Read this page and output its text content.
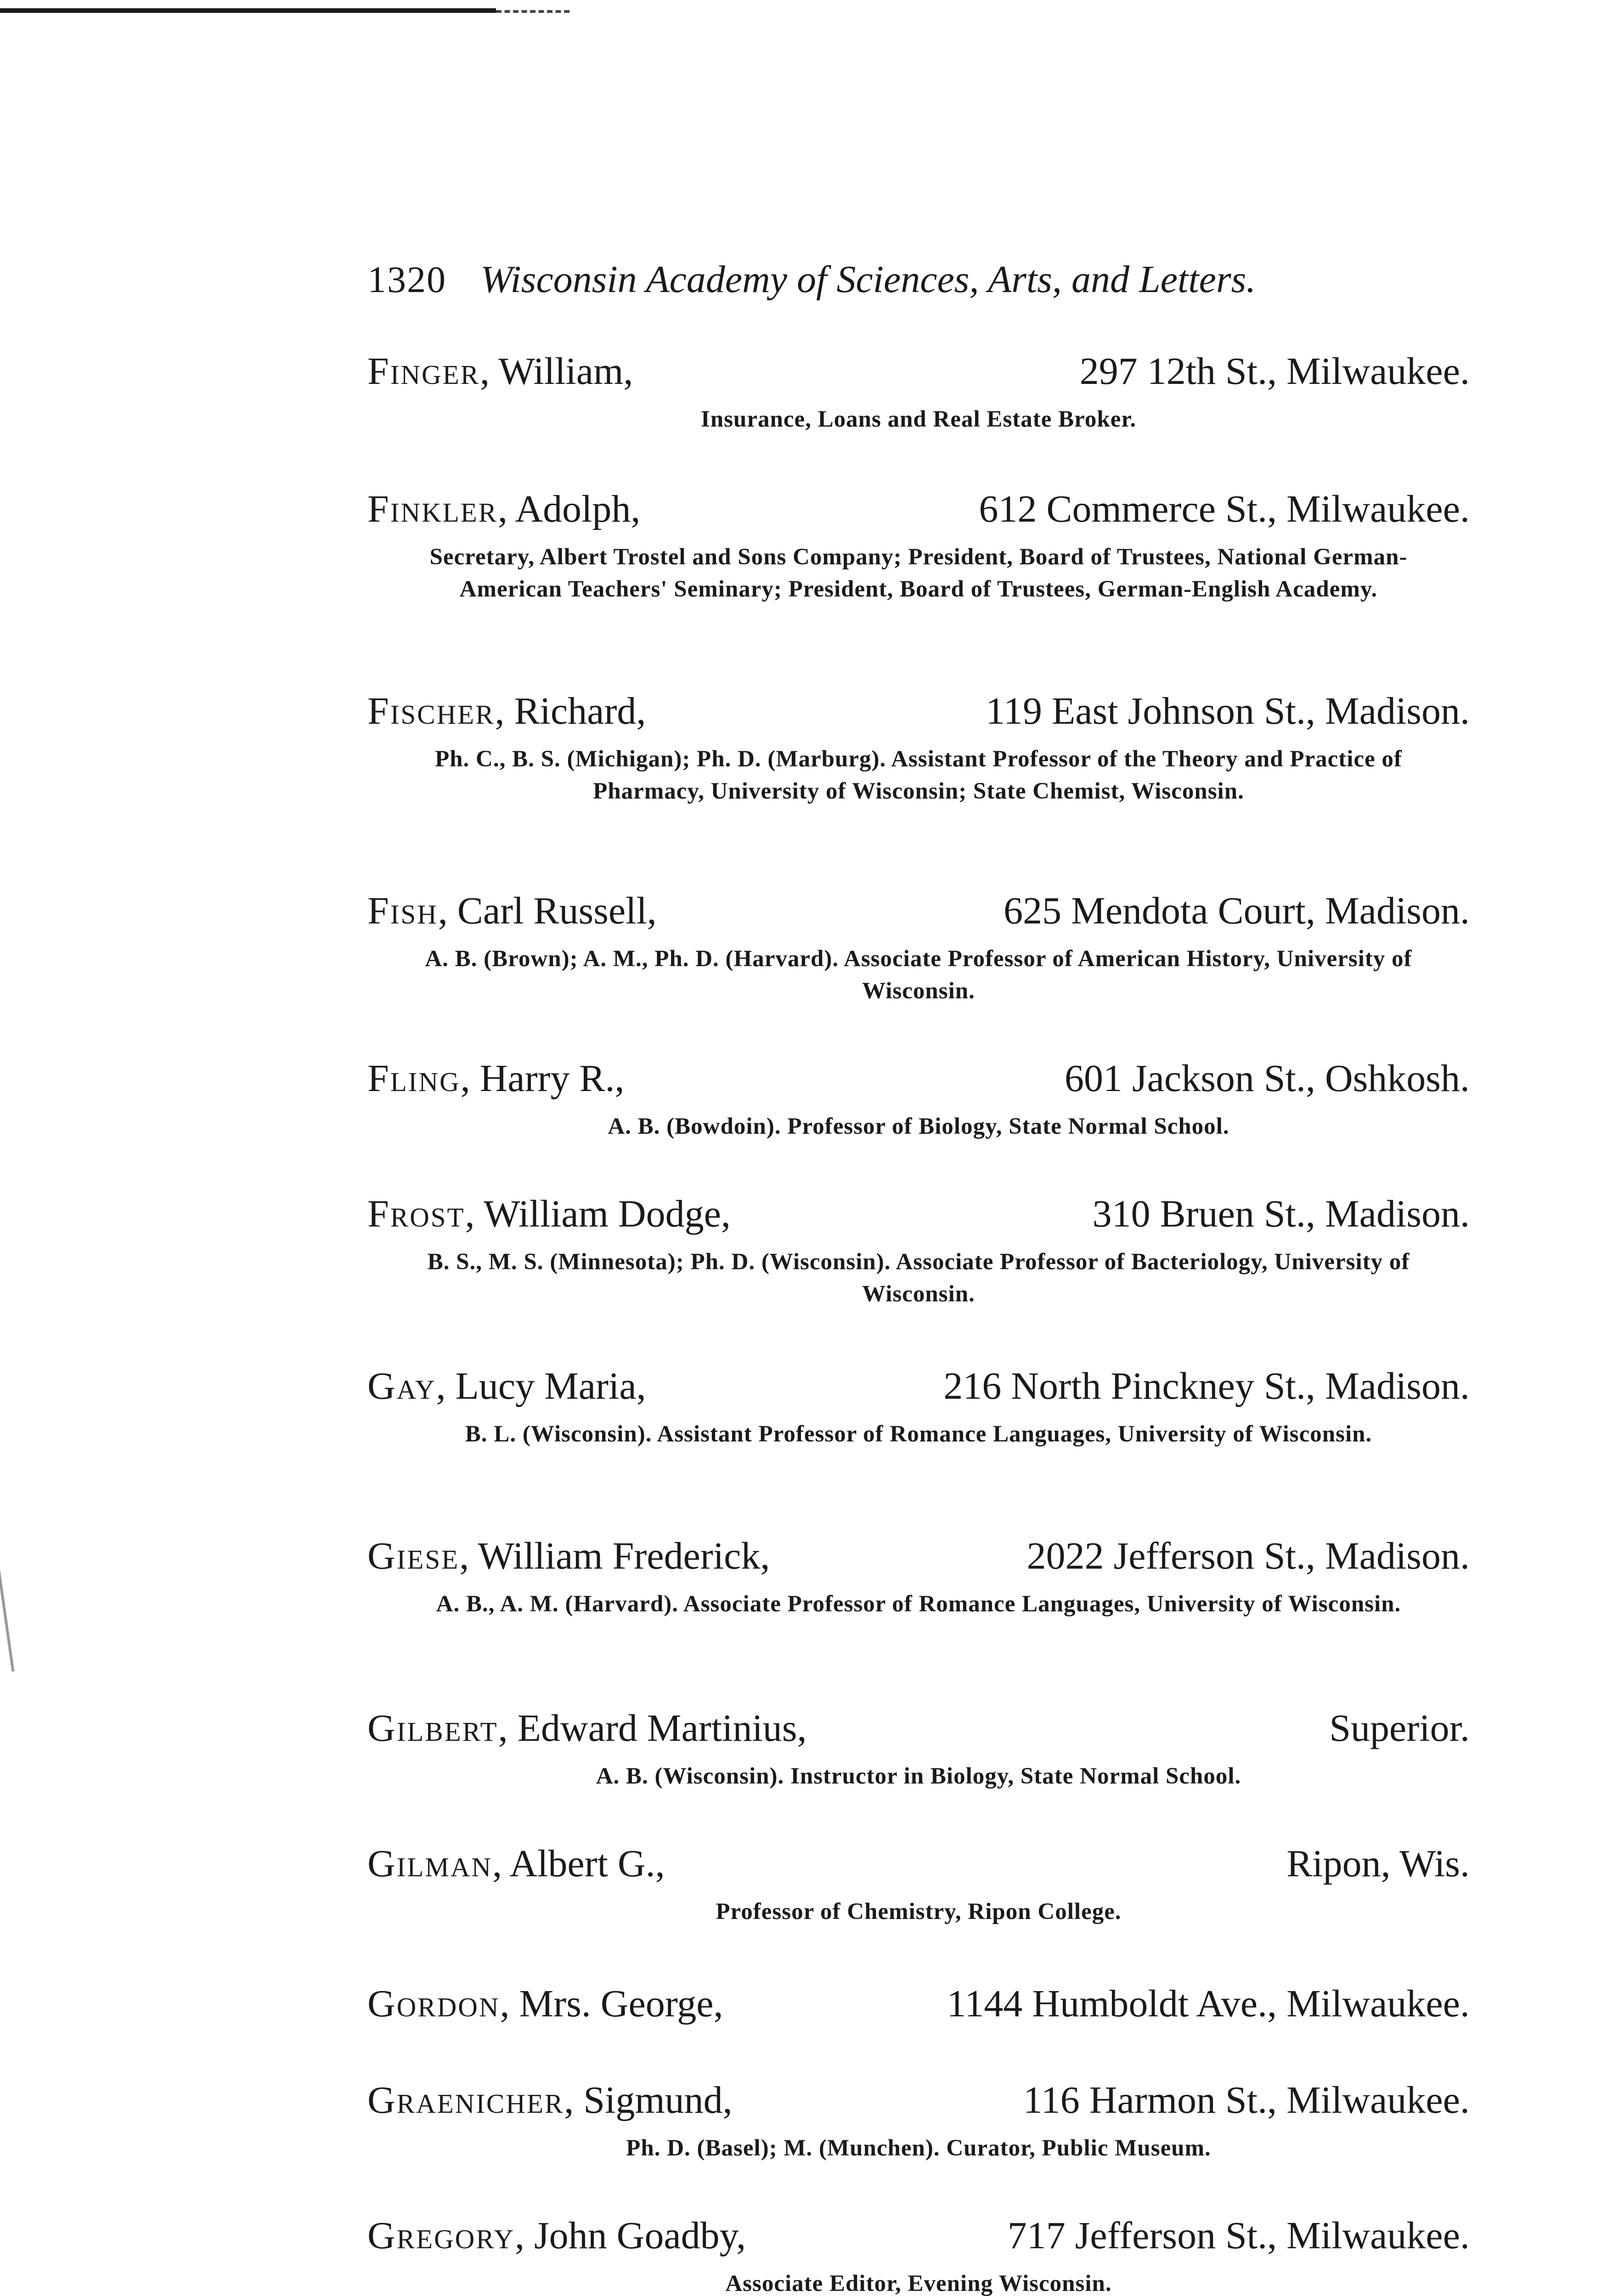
1320 Wisconsin Academy of Sciences, Arts, and Letters.
Finger, William,	297 12th St., Milwaukee.
Insurance, Loans and Real Estate Broker.
Finkler, Adolph,	612 Commerce St., Milwaukee.
Secretary, Albert Trostel and Sons Company; President, Board of Trustees, National German-American Teachers' Seminary; President, Board of Trustees, German-English Academy.
Fischer, Richard,	119 East Johnson St., Madison.
Ph. C., B. S. (Michigan); Ph. D. (Marburg). Assistant Professor of the Theory and Practice of Pharmacy, University of Wisconsin; State Chemist, Wisconsin.
Fish, Carl Russell,	625 Mendota Court, Madison.
A. B. (Brown); A. M., Ph. D. (Harvard). Associate Professor of American History, University of Wisconsin.
Fling, Harry R.,	601 Jackson St., Oshkosh.
A. B. (Bowdoin). Professor of Biology, State Normal School.
Frost, William Dodge,	310 Bruen St., Madison.
B. S., M. S. (Minnesota); Ph. D. (Wisconsin). Associate Professor of Bacteriology, University of Wisconsin.
Gay, Lucy Maria,	216 North Pinckney St., Madison.
B. L. (Wisconsin). Assistant Professor of Romance Languages, University of Wisconsin.
Giese, William Frederick,	2022 Jefferson St., Madison.
A. B., A. M. (Harvard). Associate Professor of Romance Languages, University of Wisconsin.
Gilbert, Edward Martinius,	Superior.
A. B. (Wisconsin). Instructor in Biology, State Normal School.
Gilman, Albert G.,	Ripon, Wis.
Professor of Chemistry, Ripon College.
Gordon, Mrs. George,	1144 Humboldt Ave., Milwaukee.
Graenicher, Sigmund,	116 Harmon St., Milwaukee.
Ph. D. (Basel); M. (Munchen). Curator, Public Museum.
Gregory, John Goadby,	717 Jefferson St., Milwaukee.
Associate Editor, Evening Wisconsin.
